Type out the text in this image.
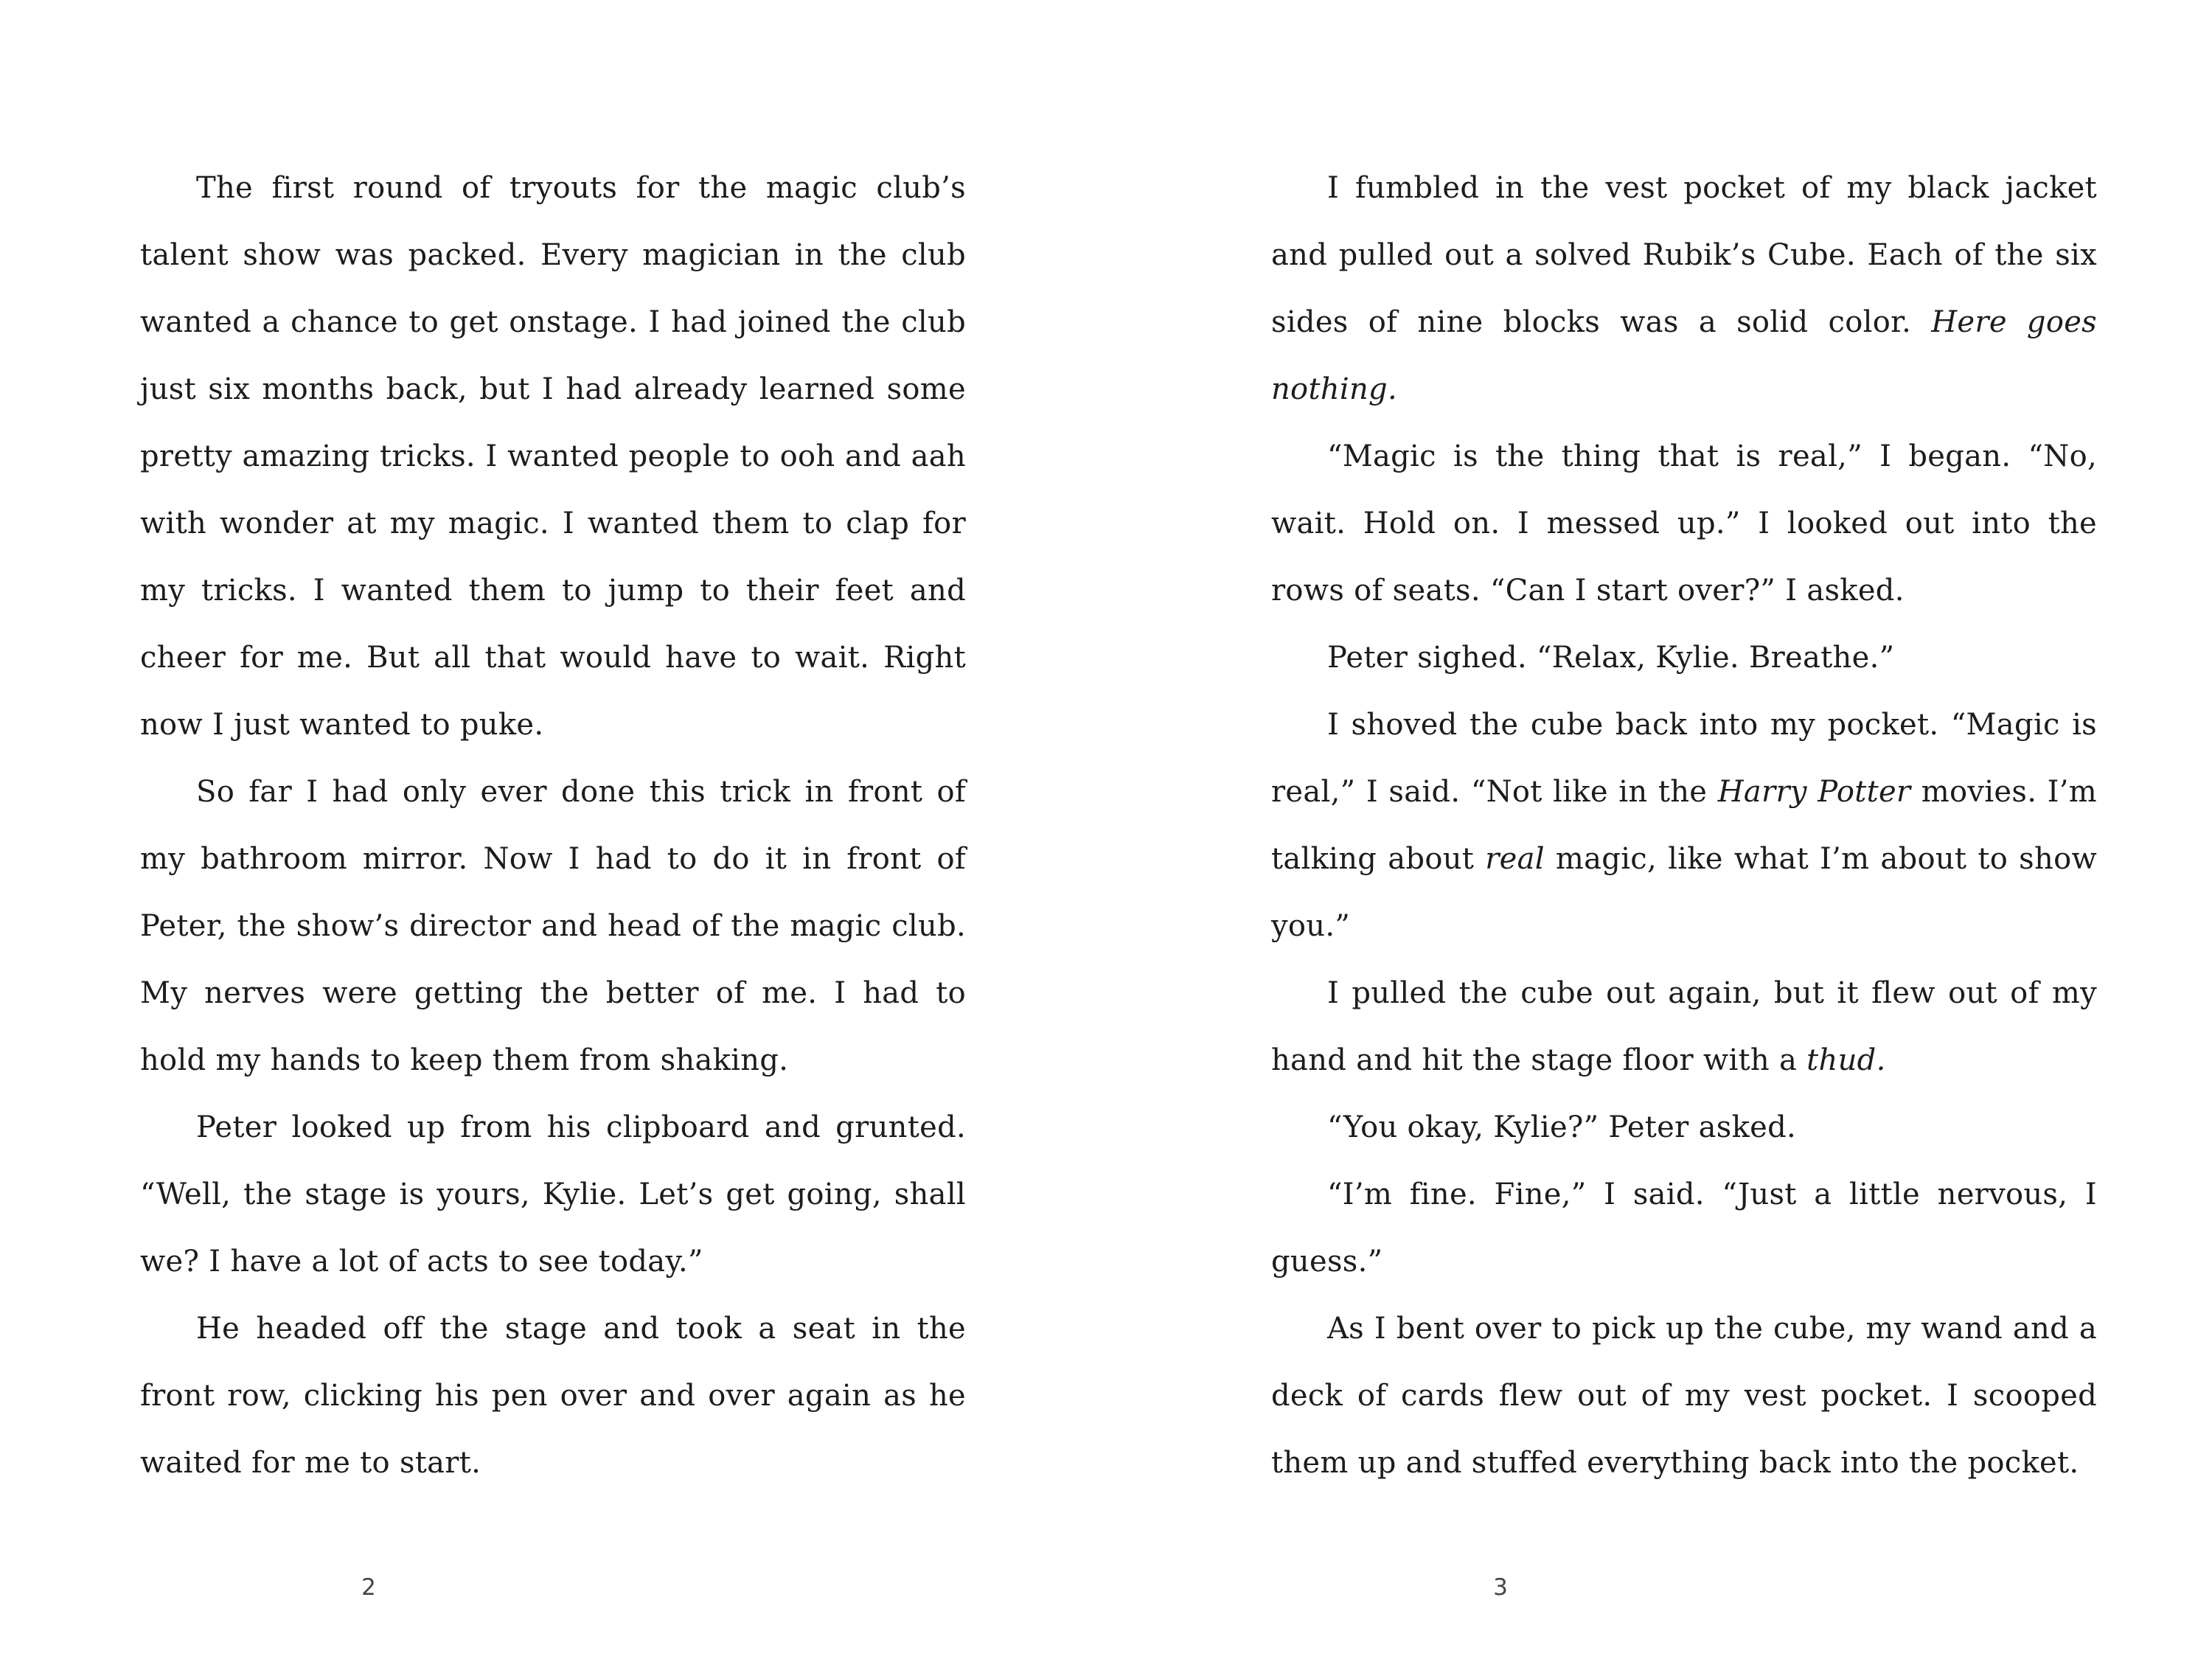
The first round of tryouts for the magic club’s talent show was packed. Every magician in the club wanted a chance to get onstage. I had joined the club just six months back, but I had already learned some pretty amazing tricks. I wanted people to ooh and aah with wonder at my magic. I wanted them to clap for my tricks. I wanted them to jump to their feet and cheer for me. But all that would have to wait. Right now I just wanted to puke.

So far I had only ever done this trick in front of my bathroom mirror. Now I had to do it in front of Peter, the show’s director and head of the magic club. My nerves were getting the better of me. I had to hold my hands to keep them from shaking.

Peter looked up from his clipboard and grunted. “Well, the stage is yours, Kylie. Let’s get going, shall we? I have a lot of acts to see today.”

He headed off the stage and took a seat in the front row, clicking his pen over and over again as he waited for me to start.

2

I fumbled in the vest pocket of my black jacket and pulled out a solved Rubik’s Cube. Each of the six sides of nine blocks was a solid color. Here goes nothing.

“Magic is the thing that is real,” I began. “No, wait. Hold on. I messed up.” I looked out into the rows of seats. “Can I start over?” I asked.

Peter sighed. “Relax, Kylie. Breathe.”

I shoved the cube back into my pocket. “Magic is real,” I said. “Not like in the Harry Potter movies. I’m talking about real magic, like what I’m about to show you.”

I pulled the cube out again, but it flew out of my hand and hit the stage floor with a thud.

“You okay, Kylie?” Peter asked.

“I’m fine. Fine,” I said. “Just a little nervous, I guess.”

As I bent over to pick up the cube, my wand and a deck of cards flew out of my vest pocket. I scooped them up and stuffed everything back into the pocket.

3
